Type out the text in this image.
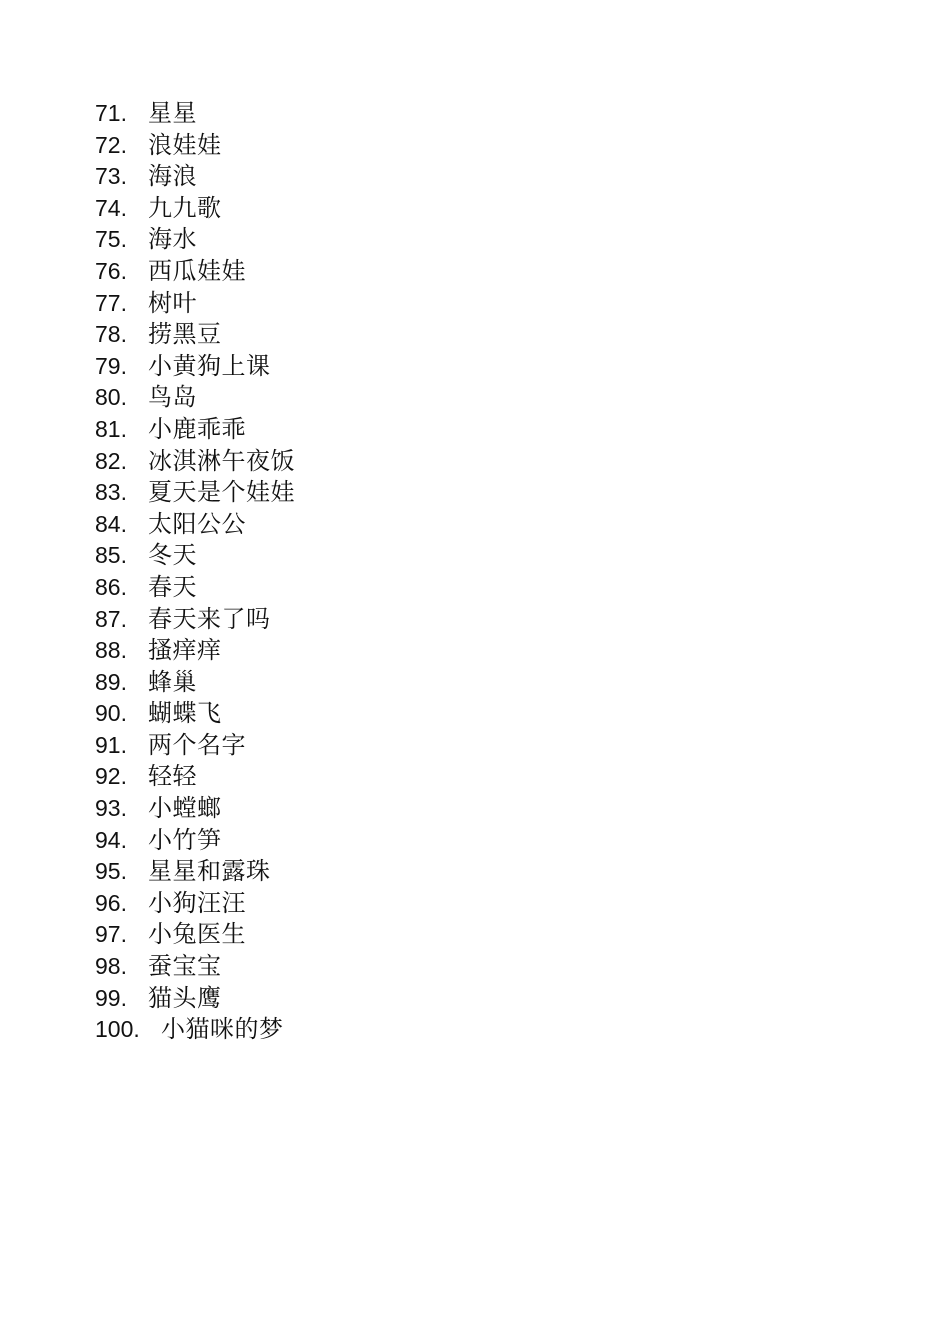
71. 星星
72. 浪娃娃
73. 海浪
74. 九九歌
75. 海水
76. 西瓜娃娃
77. 树叶
78. 捞黑豆
79. 小黄狗上课
80. 鸟岛
81. 小鹿乖乖
82. 冰淇淋午夜饭
83. 夏天是个娃娃
84. 太阳公公
85. 冬天
86. 春天
87. 春天来了吗
88. 搔痒痒
89. 蜂巢
90. 蝴蝶飞
91. 两个名字
92. 轻轻
93. 小螳螂
94. 小竹笋
95. 星星和露珠
96. 小狗汪汪
97. 小兔医生
98. 蚕宝宝
99. 猫头鹰
100. 小猫咪的梦
